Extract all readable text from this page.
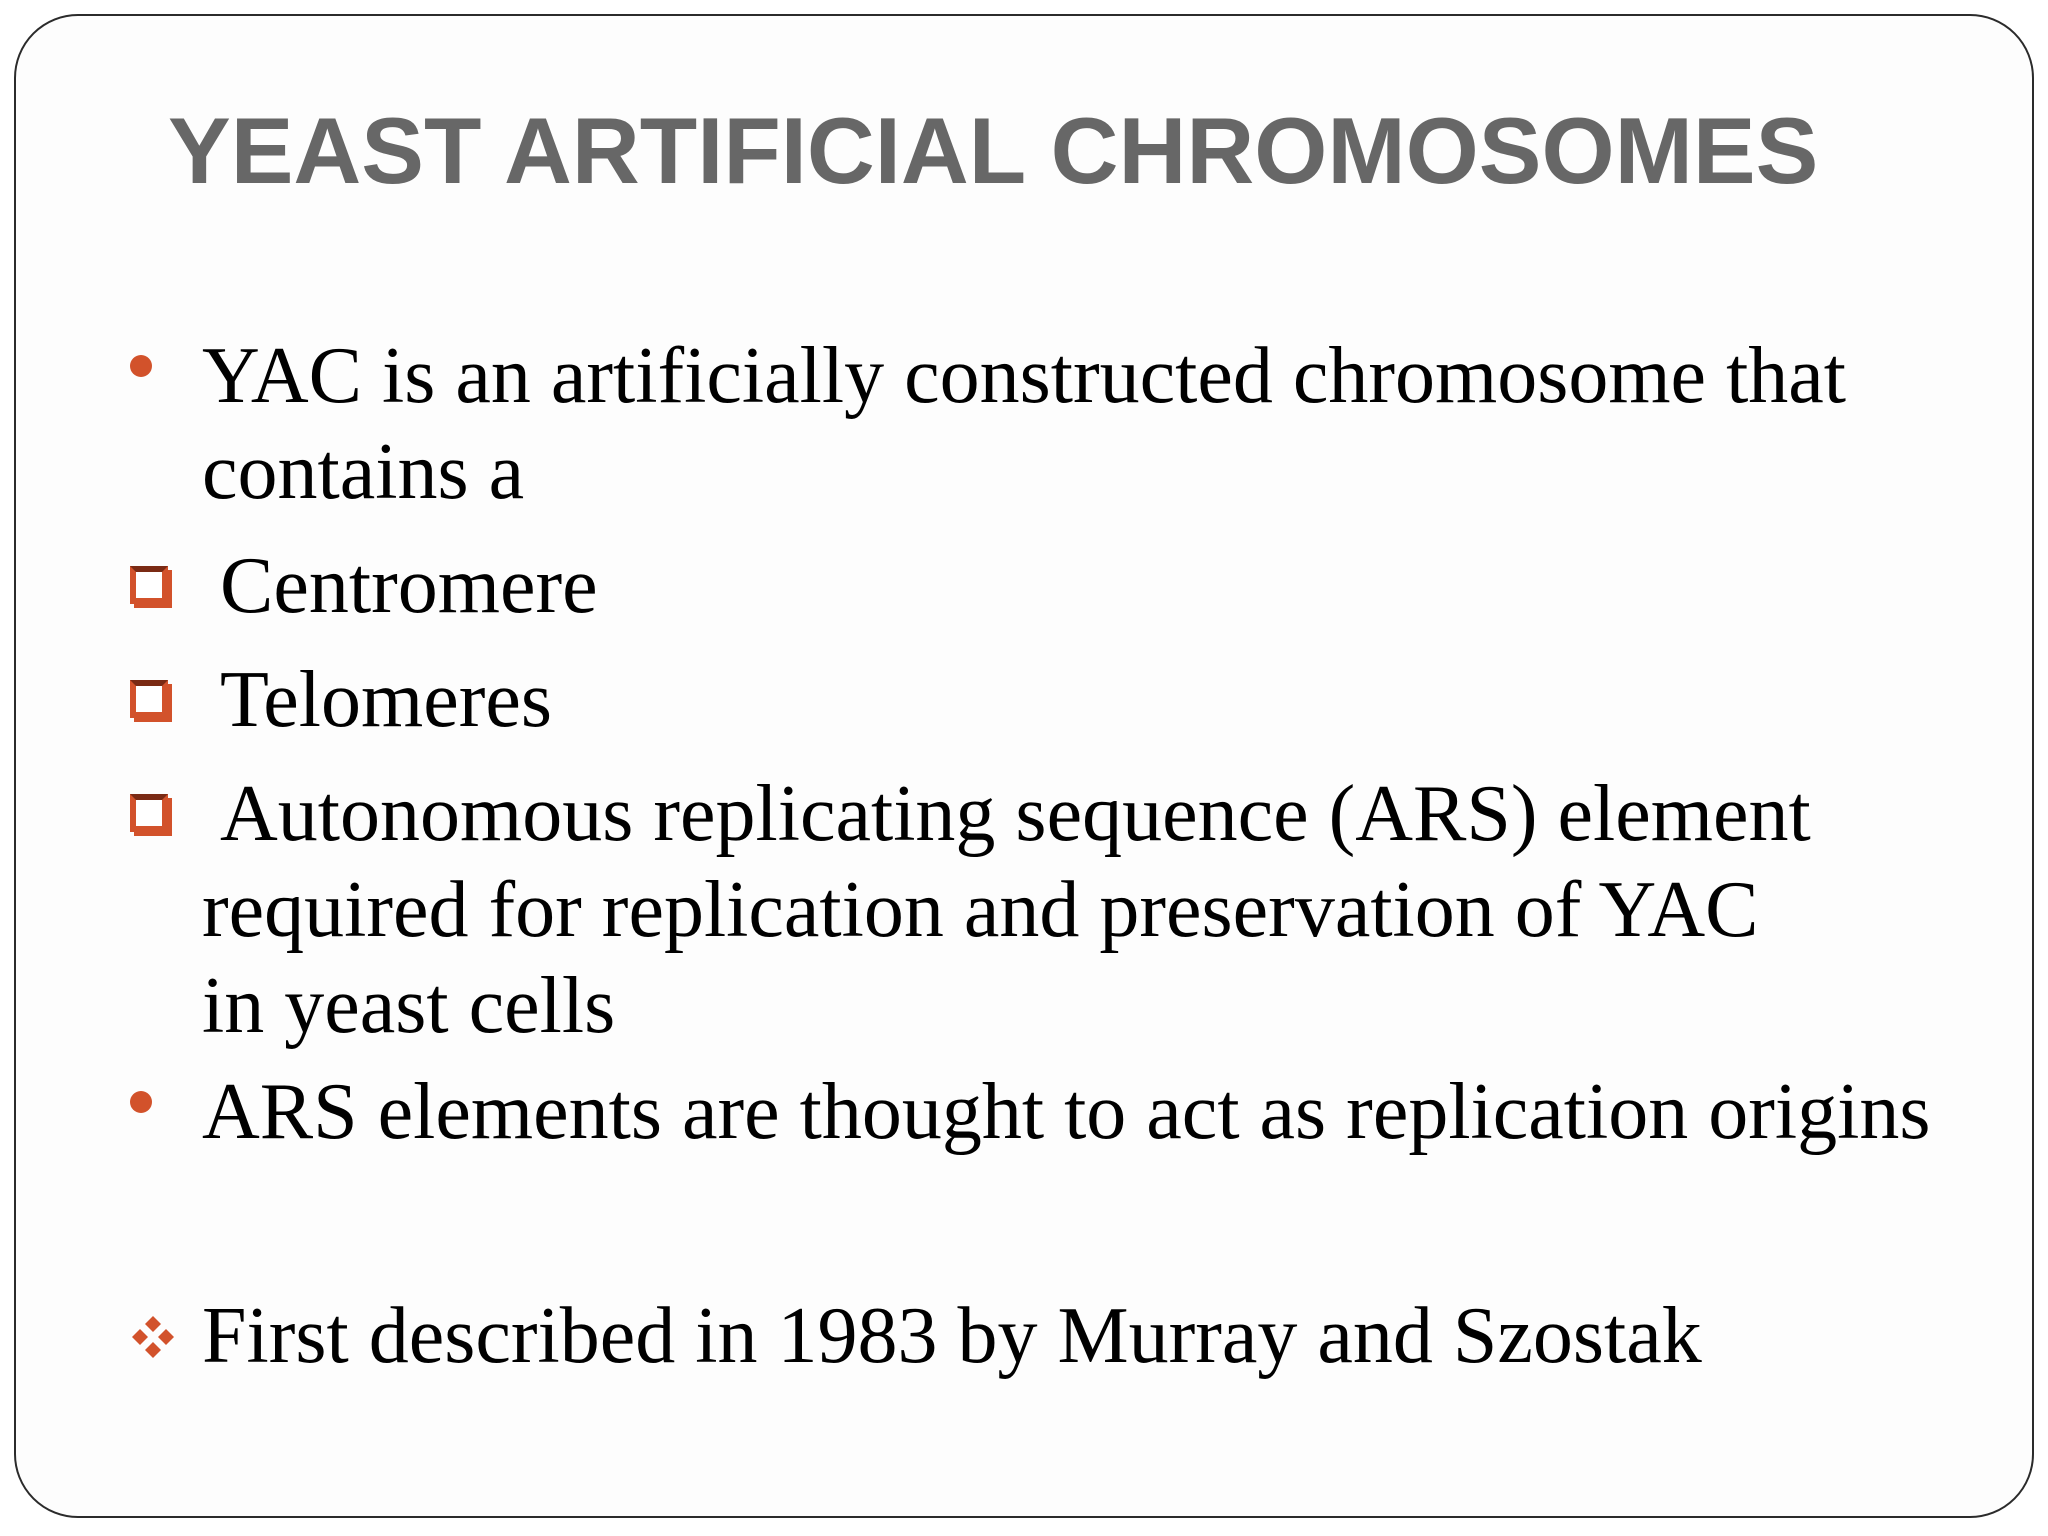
YEAST ARTIFICIAL CHROMOSOMES
YAC is an artificially constructed chromosome that
contains a
Centromere
Telomeres
Autonomous replicating sequence (ARS) element
required for replication and preservation of YAC
in yeast cells
ARS elements are thought to act as replication origins
First described in 1983 by Murray and Szostak
